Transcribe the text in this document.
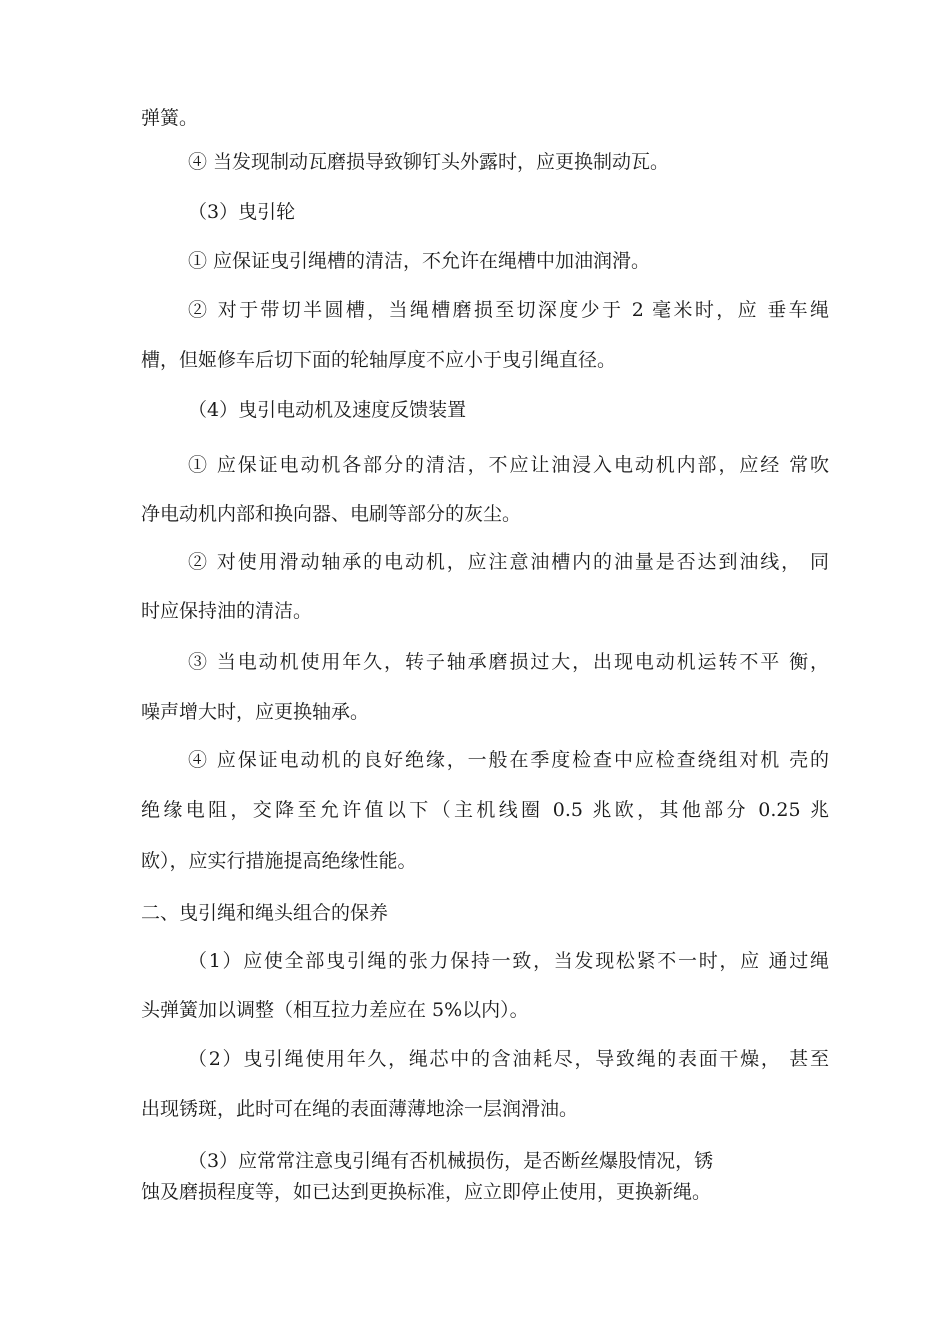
弹簧。
④ 当发现制动瓦磨损导致铆钉头外露时，应更换制动瓦。
（3）曳引轮
① 应保证曳引绳槽的清洁，不允许在绳槽中加油润滑。
② 对于带切半圆槽，当绳槽磨损至切深度少于 2 毫米时，应 垂车绳
槽，但姬修车后切下面的轮轴厚度不应小于曳引绳直径。
（4）曳引电动机及速度反馈装置
① 应保证电动机各部分的清洁，不应让油浸入电动机内部，应经 常吹
净电动机内部和换向器、电刷等部分的灰尘。
② 对使用滑动轴承的电动机，应注意油槽内的油量是否达到油线， 同
时应保持油的清洁。
③ 当电动机使用年久，转子轴承磨损过大，出现电动机运转不平 衡，
噪声增大时，应更换轴承。
④ 应保证电动机的良好绝缘，一般在季度检查中应检查绕组对机 壳的
绝缘电阻，交降至允许值以下（主机线圈 0.5 兆欧，其他部分 0.25 兆
欧），应实行措施提高绝缘性能。
二、曳引绳和绳头组合的保养
（1）应使全部曳引绳的张力保持一致，当发现松紧不一时，应 通过绳
头弹簧加以调整（相互拉力差应在 5%以内）。
（2）曳引绳使用年久，绳芯中的含油耗尽，导致绳的表面干燥， 甚至
出现锈斑，此时可在绳的表面薄薄地涂一层润滑油。
（3）应常常注意曳引绳有否机械损伤，是否断丝爆股情况，锈
蚀及磨损程度等，如已达到更换标准，应立即停止使用，更换新绳。
